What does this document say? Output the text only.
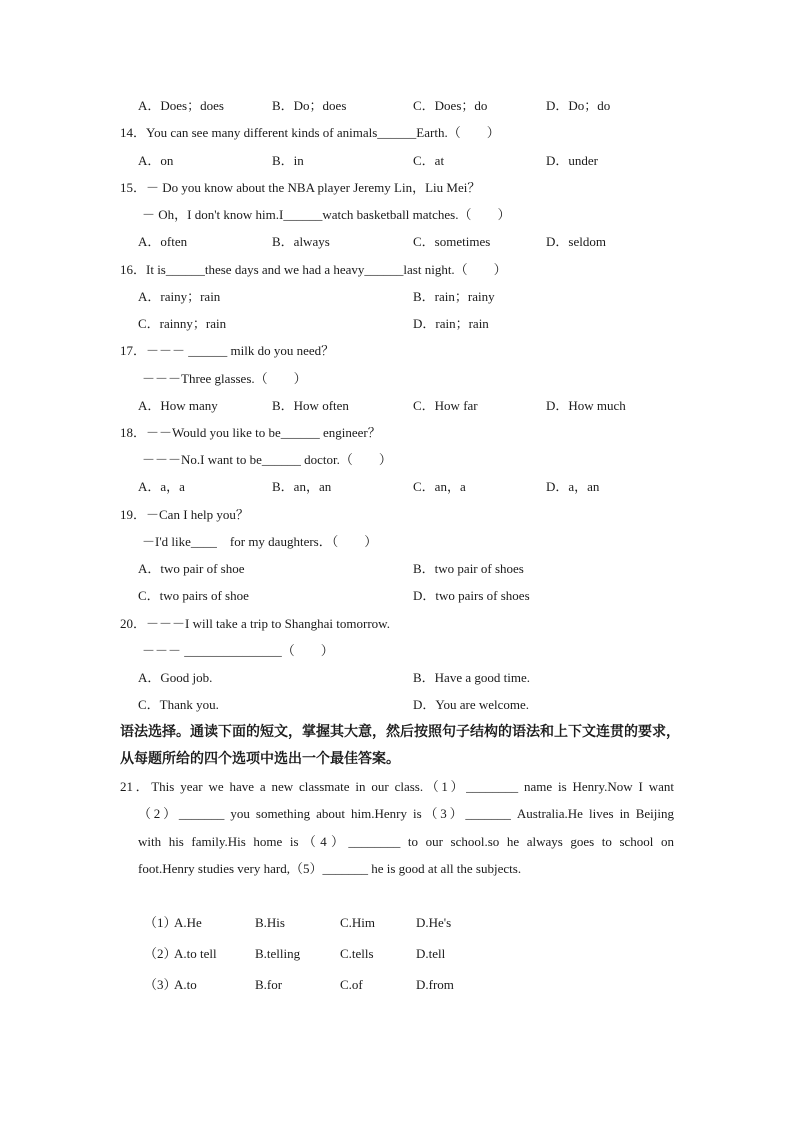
A．Does；does	B．Do；does	C．Does；do	D．Do；do
14．You can see many different kinds of animals______Earth.（　　）
A．on	B．in	C．at	D．under
15．－ Do you know about the NBA player Jeremy Lin，Liu Mei？
－ Oh，I don't know him.I______watch basketball matches.（　　）
A．often	B．always	C．sometimes	D．seldom
16．It is______these days and we had a heavy______last night.（　　）
A．rainy；rain	B．rain；rainy
C．rainny；rain	D．rain；rain
17．－－－ ______ milk do you need？
－－－Three glasses.（　　）
A．How many	B．How often	C．How far	D．How much
18．－－Would you like to be______ engineer？
－－－No.I want to be______ doctor.（　　）
A．a，a	B．an，an	C．an，a	D．a，an
19．－Can I help you？
－I'd like____　for my daughters．（　　）
A．two pair of shoe	B．two pair of shoes
C．two pairs of shoe	D．two pairs of shoes
20．－－－I will take a trip to Shanghai tomorrow.
－－－ _______________（　　）
A．Good job.	B．Have a good time.
C．Thank you.	D．You are welcome.
语法选择。通读下面的短文，掌握其大意，然后按照句子结构的语法和上下文连贯的要求，
从每题所给的四个选项中选出一个最佳答案。
21．This year we have a new classmate in our class.（1）________ name is Henry.Now I want
（2）_______ you something about him.Henry is（3）_______ Australia.He lives in Beijing
with his family.His home is（4）________ to our school.so he always goes to school on
foot.Henry studies very hard,（5）_______ he is good at all the subjects.
（1）
A.He	B.His	C.Him	D.He's
（2）
A.to tell	B.telling	C.tells	D.tell
（3）
A.to	B.for	C.of	D.from
